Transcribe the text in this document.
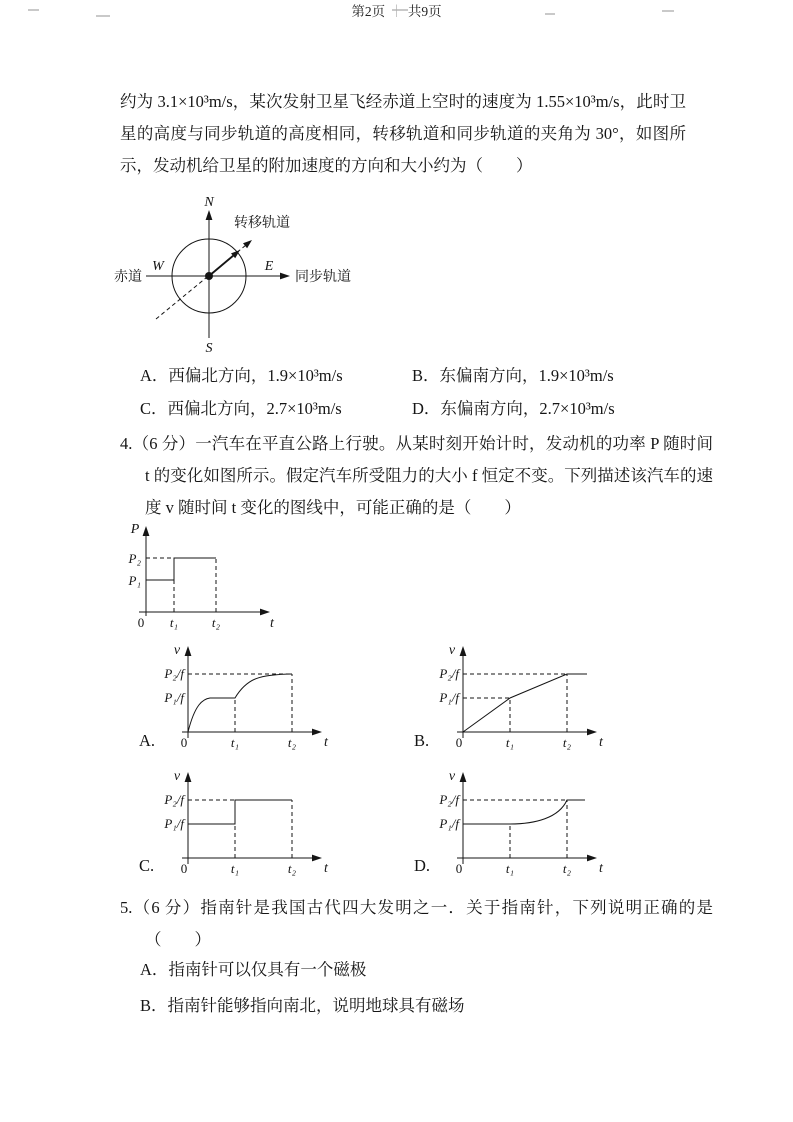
约为 3.1×10³m/s，某次发射卫星飞经赤道上空时的速度为 1.55×10³m/s，此时卫星的高度与同步轨道的高度相同，转移轨道和同步轨道的夹角为 30°，如图所示，发动机给卫星的附加速度的方向和大小约为（　　）
N
S
W	E
赤道	同步轨道
转移轨道
A．西偏北方向，1.9×10³m/s	B．东偏南方向，1.9×10³m/s
C．西偏北方向，2.7×10³m/s	D．东偏南方向，2.7×10³m/s
4.（6 分）一汽车在平直公路上行驶。从某时刻开始计时，发动机的功率 P 随时间 t 的变化如图所示。假定汽车所受阻力的大小 f 恒定不变。下列描述该汽车的速度 v 随时间 t 变化的图线中，可能正确的是（　　）
P
P₂
P₁
0 t₁	t₂	t
v
P₂/f
P₁/f
0	t₁	t₂ t
v
P₂/f
P₁/f
0	t₁	t₂ t
v
P₂/f
P₁/f
0	t₁	t₂ t
v
P₂/f
P₁/f
0	t₁	t₂ t
A.	B.
C.	D.
5.（6 分）指南针是我国古代四大发明之一．关于指南针，下列说明正确的是（　　）
A．指南针可以仅具有一个磁极
B．指南针能够指向南北，说明地球具有磁场
第2页 | 共9页
